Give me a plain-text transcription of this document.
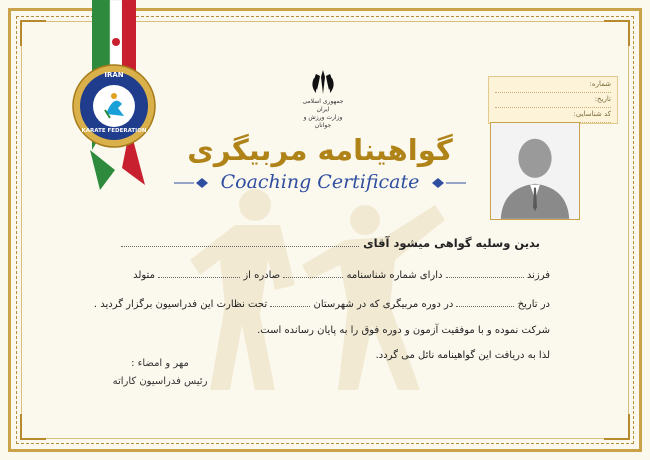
IRAN
KARATE FEDERATION
جمهوری اسلامی ایران
وزارت ورزش و جوانان
گواهینامه مربیگری
Coaching Certificate
شماره:
تاریخ:
کد شناسایی:
بدین وسلیه گواهی میشود آقای
فرزند  دارای شماره شناسنامه  صادره از  متولد
در تاریخ  در دوره مربیگری که در شهرستان  تحت نظارت این فدراسیون برگزار گردید .
شرکت نموده و با موفقیت آزمون و دوره فوق را به پایان رسانده است.
لذا به دریافت این گواهینامه نائل می گردد.
مهر و امضاء :
رئیس فدراسیون کاراته
